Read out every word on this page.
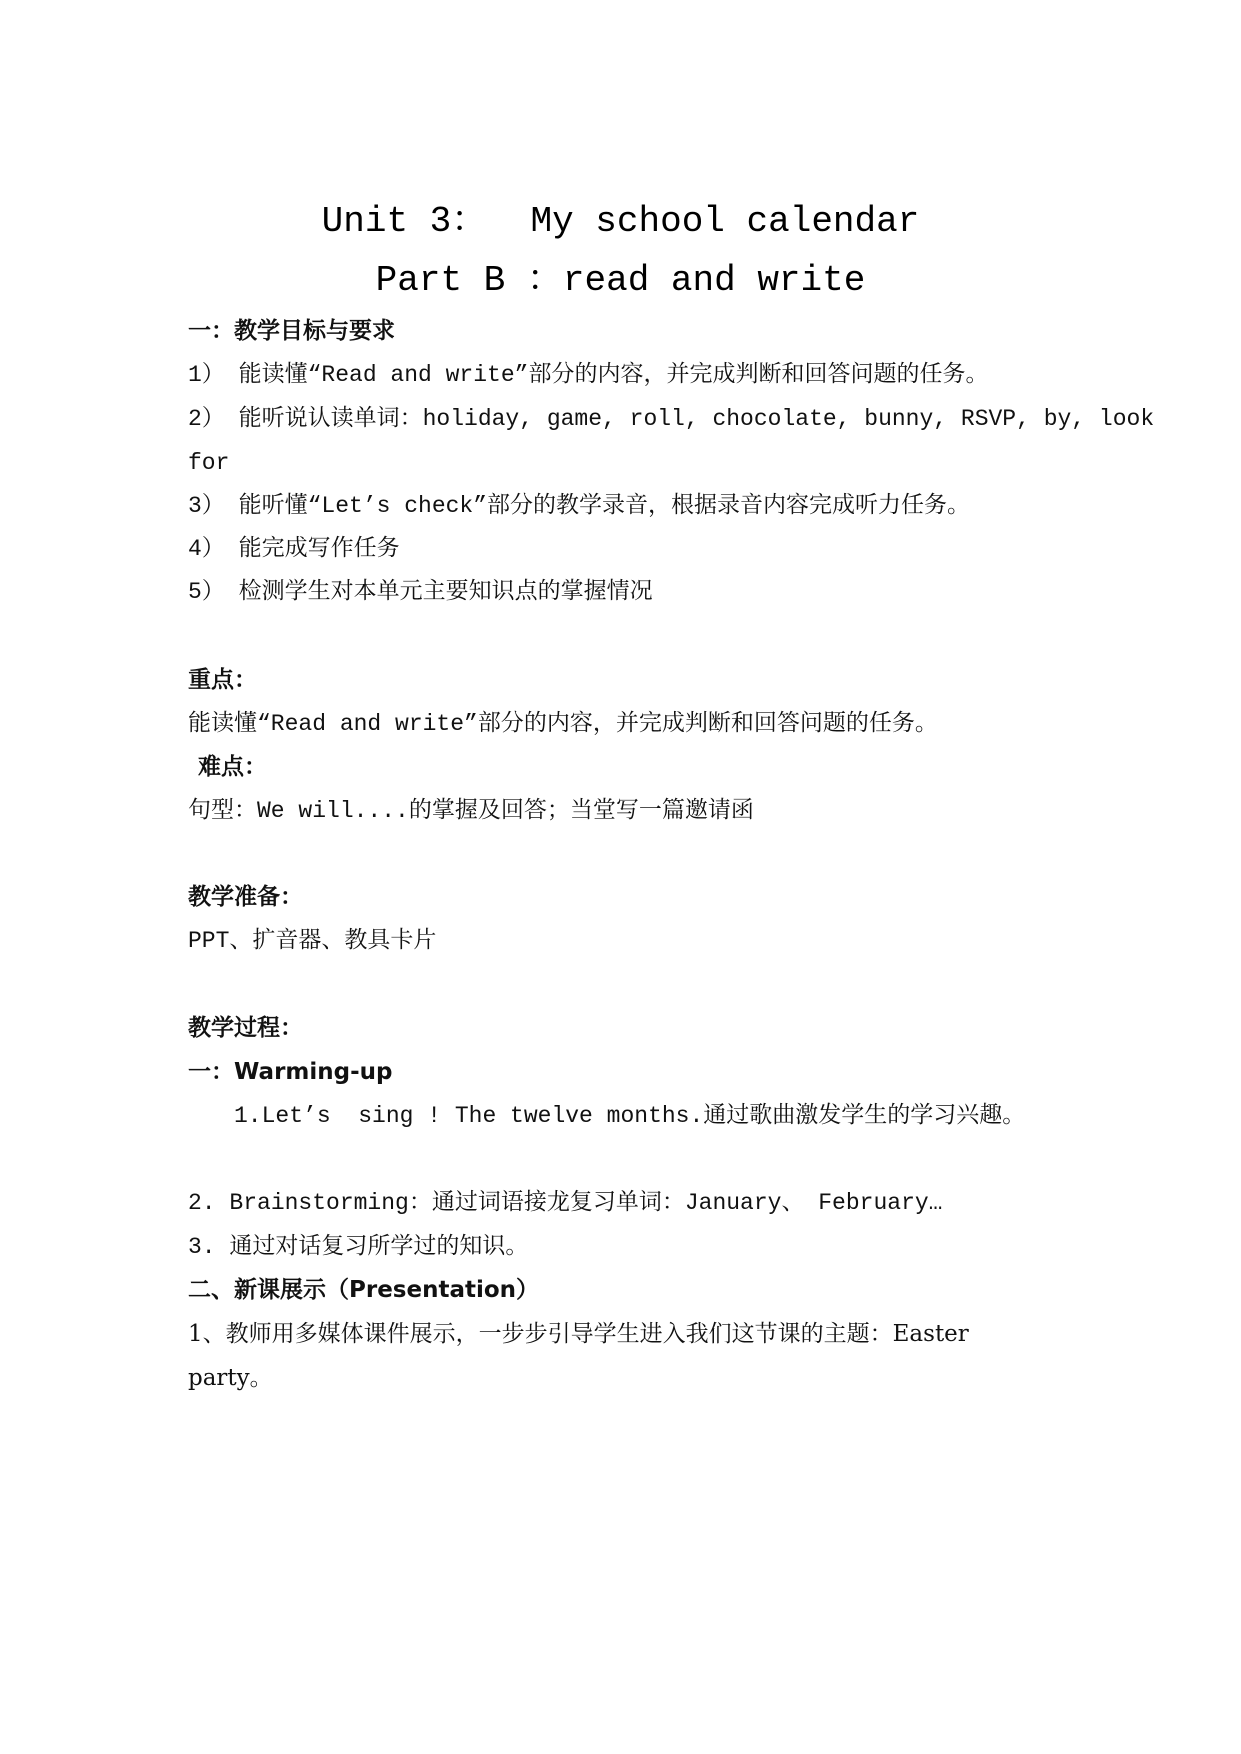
Unit 3：  My school calendar
Part B ：read and write
一：教学目标与要求
1） 能读懂“Read and write”部分的内容，并完成判断和回答问题的任务。
2） 能听说认读单词：holiday, game, roll, chocolate, bunny, RSVP, by, look
for
3） 能听懂“Let’s check”部分的教学录音，根据录音内容完成听力任务。
4） 能完成写作任务
5） 检测学生对本单元主要知识点的掌握情况
重点：
能读懂“Read and write”部分的内容，并完成判断和回答问题的任务。
难点：
句型：We will....的掌握及回答；当堂写一篇邀请函
教学准备：
PPT、扩音器、教具卡片
教学过程：
一：Warming-up
1.Let’s  sing ! The twelve months.通过歌曲激发学生的学习兴趣。
2. Brainstorming：通过词语接龙复习单词：January、 February…
3. 通过对话复习所学过的知识。
二、新课展示（Presentation）
1、教师用多媒体课件展示，一步步引导学生进入我们这节课的主题：Easter
party。
